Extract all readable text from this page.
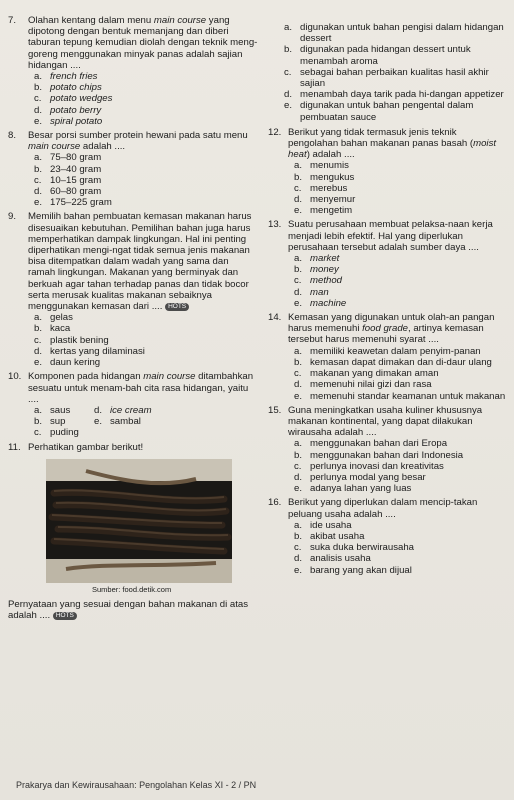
7. Olahan kentang dalam menu main course yang dipotong dengan bentuk memanjang dan diberi taburan tepung kemudian diolah dengan teknik meng-goreng menggunakan minyak panas adalah sajian hidangan ....
a. french fries
b. potato chips
c. potato wedges
d. potato berry
e. spiral potato
8. Besar porsi sumber protein hewani pada satu menu main course adalah ....
a. 75–80 gram
b. 23–40 gram
c. 10–15 gram
d. 60–80 gram
e. 175–225 gram
9. Memilih bahan pembuatan kemasan makanan harus disesuaikan kebutuhan. Pemilihan bahan juga harus memperhatikan dampak lingkungan. Hal ini penting diperhatikan mengi-ngat tidak semua jenis makanan bisa ditempatkan dalam wadah yang sama dan ramah lingkungan. Makanan yang berminyak dan berkuah agar tahan terhadap panas dan tidak bocor serta merusak kualitas makanan sebaiknya menggunakan kemasan dari .... HOTS
a. gelas
b. kaca
c. plastik bening
d. kertas yang dilaminasi
e. daun kering
10. Komponen pada hidangan main course ditambahkan sesuatu untuk menam-bah cita rasa hidangan, yaitu ....
a. saus	d. ice cream
b. sup	e. sambal
c. puding
11. Perhatikan gambar berikut!
Sumber: food.detik.com
Pernyataan yang sesuai dengan bahan makanan di atas adalah .... HOTS
a. digunakan untuk bahan pengisi dalam hidangan dessert
b. digunakan pada hidangan dessert untuk menambah aroma
c. sebagai bahan perbaikan kualitas hasil akhir sajian
d. menambah daya tarik pada hi-dangan appetizer
e. digunakan untuk bahan pengental dalam pembuatan sauce
12. Berikut yang tidak termasuk jenis teknik pengolahan bahan makanan panas basah (moist heat) adalah ....
a. menumis
b. mengukus
c. merebus
d. menyemur
e. mengetim
13. Suatu perusahaan membuat pelaksa-naan kerja menjadi lebih efektif. Hal yang diperlukan perusahaan tersebut adalah sumber daya ....
a. market
b. money
c. method
d. man
e. machine
14. Kemasan yang digunakan untuk olah-an pangan harus memenuhi food grade, artinya kemasan tersebut harus memenuhi syarat ....
a. memiliki keawetan dalam penyim-panan
b. kemasan dapat dimakan dan di-daur ulang
c. makanan yang dimakan aman
d. memenuhi nilai gizi dan rasa
e. memenuhi standar keamanan untuk makanan
15. Guna meningkatkan usaha kuliner khususnya makanan kontinental, yang dapat dilakukan wirausaha adalah ....
a. menggunakan bahan dari Eropa
b. menggunakan bahan dari Indonesia
c. perlunya inovasi dan kreativitas
d. perlunya modal yang besar
e. adanya lahan yang luas
16. Berikut yang diperlukan dalam mencip-takan peluang usaha adalah ....
a. ide usaha
b. akibat usaha
c. suka duka berwirausaha
d. analisis usaha
e. barang yang akan dijual
Prakarya dan Kewirausahaan: Pengolahan Kelas XI - 2 / PN
